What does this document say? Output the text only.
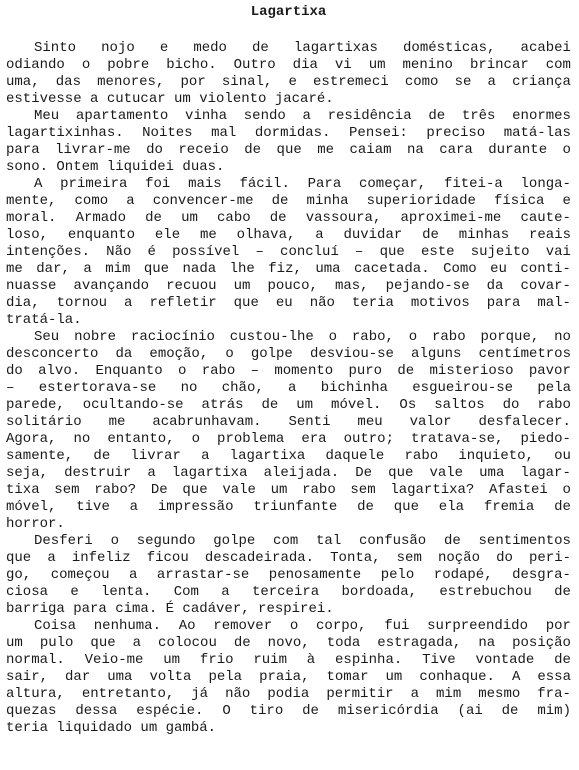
Lagartixa
Sinto nojo e medo de lagartixas domésticas, acabei
odiando o pobre bicho. Outro dia vi um menino brincar com
uma, das menores, por sinal, e estremeci como se a criança
estivesse a cutucar um violento jacaré.
Meu apartamento vinha sendo a residência de três enormes
lagartixinhas. Noites mal dormidas. Pensei: preciso matá-las
para livrar-me do receio de que me caiam na cara durante o
sono. Ontem liquidei duas.
A primeira foi mais fácil. Para começar, fitei-a longa-
mente, como a convencer-me de minha superioridade física e
moral. Armado de um cabo de vassoura, aproximei-me caute-
loso, enquanto ele me olhava, a duvidar de minhas reais
intenções. Não é possível – concluí – que este sujeito vai
me dar, a mim que nada lhe fiz, uma cacetada. Como eu conti-
nuasse avançando recuou um pouco, mas, pejando-se da covar-
dia, tornou a refletir que eu não teria motivos para mal-
tratá-la.
Seu nobre raciocínio custou-lhe o rabo, o rabo porque, no
desconcerto da emoção, o golpe desviou-se alguns centímetros
do alvo. Enquanto o rabo – momento puro de misterioso pavor
– estertorava-se no chão, a bichinha esgueirou-se pela
parede, ocultando-se atrás de um móvel. Os saltos do rabo
solitário me acabrunhavam. Senti meu valor desfalecer.
Agora, no entanto, o problema era outro; tratava-se, piedo-
samente, de livrar a lagartixa daquele rabo inquieto, ou
seja, destruir a lagartixa aleijada. De que vale uma lagar-
tixa sem rabo? De que vale um rabo sem lagartixa? Afastei o
móvel, tive a impressão triunfante de que ela fremia de
horror.
Desferi o segundo golpe com tal confusão de sentimentos
que a infeliz ficou descadeirada. Tonta, sem noção do peri-
go, começou a arrastar-se penosamente pelo rodapé, desgra-
ciosa e lenta. Com a terceira bordoada, estrebuchou de
barriga para cima. É cadáver, respirei.
Coisa nenhuma. Ao remover o corpo, fui surpreendido por
um pulo que a colocou de novo, toda estragada, na posição
normal. Veio-me um frio ruim à espinha. Tive vontade de
sair, dar uma volta pela praia, tomar um conhaque. A essa
altura, entretanto, já não podia permitir a mim mesmo fra-
quezas dessa espécie. O tiro de misericórdia (ai de mim)
teria liquidado um gambá.
